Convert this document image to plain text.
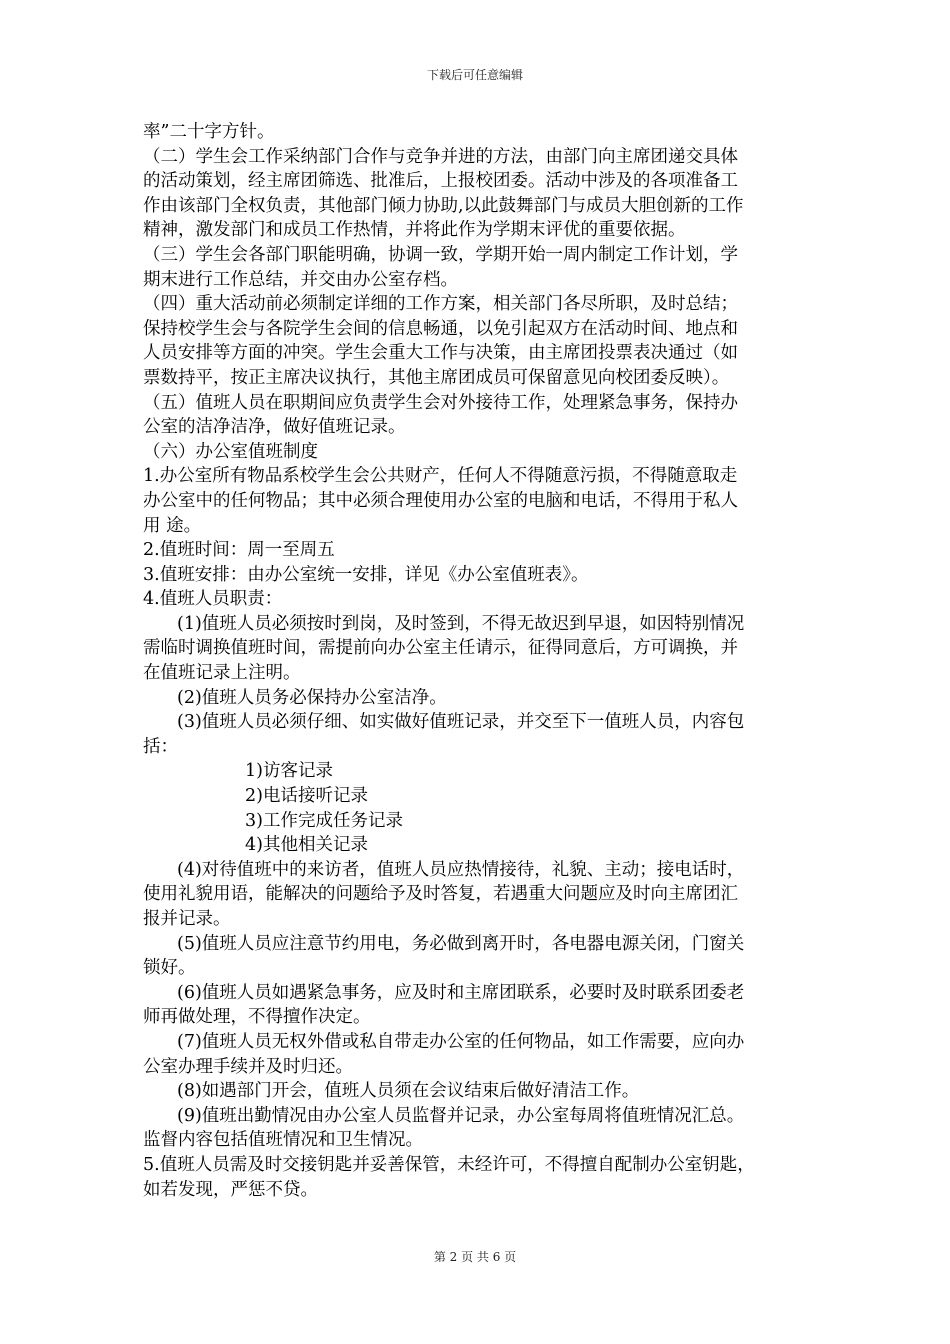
下载后可任意编辑
率”二十字方针。
（二）学生会工作采纳部门合作与竞争并进的方法，由部门向主席团递交具体
的活动策划，经主席团筛选、批准后，上报校团委。活动中涉及的各项准备工
作由该部门全权负责，其他部门倾力协助,以此鼓舞部门与成员大胆创新的工作
精神，激发部门和成员工作热情，并将此作为学期末评优的重要依据。
（三）学生会各部门职能明确，协调一致，学期开始一周内制定工作计划，学
期末进行工作总结，并交由办公室存档。
（四）重大活动前必须制定详细的工作方案，相关部门各尽所职，及时总结；
保持校学生会与各院学生会间的信息畅通，以免引起双方在活动时间、地点和
人员安排等方面的冲突。学生会重大工作与决策，由主席团投票表决通过（如
票数持平，按正主席决议执行，其他主席团成员可保留意见向校团委反映）。
（五）值班人员在职期间应负责学生会对外接待工作，处理紧急事务，保持办
公室的洁净洁净，做好值班记录。
（六）办公室值班制度
1.办公室所有物品系校学生会公共财产，任何人不得随意污损，不得随意取走
办公室中的任何物品；其中必须合理使用办公室的电脑和电话，不得用于私人
用 途。
2.值班时间：周一至周五
3.值班安排：由办公室统一安排，详见《办公室值班表》。
4.值班人员职责：
(1)值班人员必须按时到岗，及时签到，不得无故迟到早退，如因特别情况
需临时调换值班时间，需提前向办公室主任请示，征得同意后，方可调换，并
在值班记录上注明。
(2)值班人员务必保持办公室洁净。
(3)值班人员必须仔细、如实做好值班记录，并交至下一值班人员，内容包
括：
1)访客记录
2)电话接听记录
3)工作完成任务记录
4)其他相关记录
(4)对待值班中的来访者，值班人员应热情接待，礼貌、主动；接电话时，
使用礼貌用语，能解决的问题给予及时答复，若遇重大问题应及时向主席团汇
报并记录。
(5)值班人员应注意节约用电，务必做到离开时，各电器电源关闭，门窗关
锁好。
(6)值班人员如遇紧急事务，应及时和主席团联系，必要时及时联系团委老
师再做处理，不得擅作决定。
(7)值班人员无权外借或私自带走办公室的任何物品，如工作需要，应向办
公室办理手续并及时归还。
(8)如遇部门开会，值班人员须在会议结束后做好清洁工作。
(9)值班出勤情况由办公室人员监督并记录，办公室每周将值班情况汇总。
监督内容包括值班情况和卫生情况。
5.值班人员需及时交接钥匙并妥善保管，未经许可，不得擅自配制办公室钥匙，
如若发现，严惩不贷。
第 2 页 共 6 页
